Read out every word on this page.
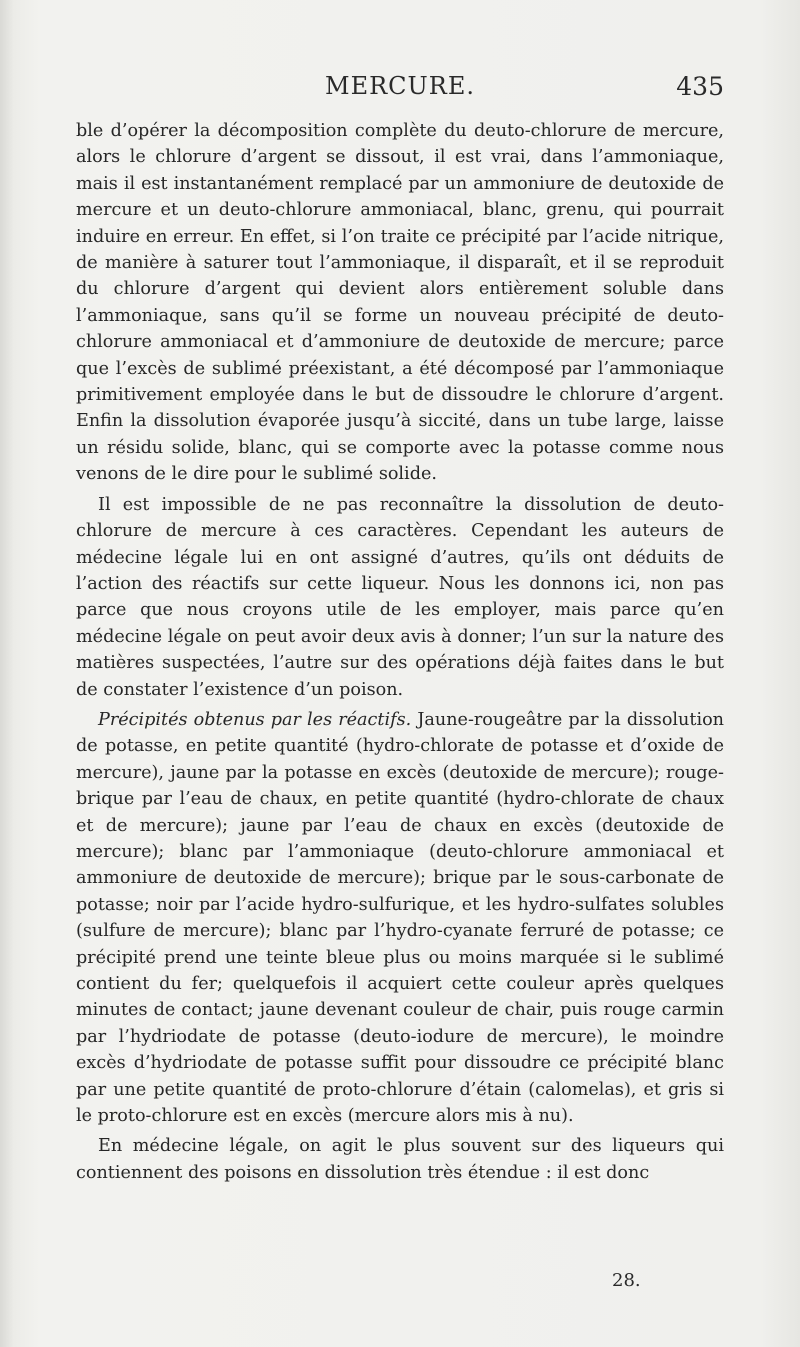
MERCURE.	435

ble d’opérer la décomposition complète du deuto-chlorure de mercure, alors le chlorure d’argent se dissout, il est vrai, dans l’ammoniaque, mais il est instantanément remplacé par un ammoniure de deutoxide de mercure et un deuto-chlorure ammoniacal, blanc, grenu, qui pourrait induire en erreur. En effet, si l’on traite ce précipité par l’acide nitrique, de manière à saturer tout l’ammoniaque, il disparaît, et il se reproduit du chlorure d’argent qui devient alors entièrement soluble dans l’ammoniaque, sans qu’il se forme un nouveau précipité de deuto-chlorure ammoniacal et d’ammoniure de deutoxide de mercure; parce que l’excès de sublimé préexistant, a été décomposé par l’ammoniaque primitivement employée dans le but de dissoudre le chlorure d’argent. Enfin la dissolution évaporée jusqu’à siccité, dans un tube large, laisse un résidu solide, blanc, qui se comporte avec la potasse comme nous venons de le dire pour le sublimé solide.

Il est impossible de ne pas reconnaître la dissolution de deuto-chlorure de mercure à ces caractères. Cependant les auteurs de médecine légale lui en ont assigné d’autres, qu’ils ont déduits de l’action des réactifs sur cette liqueur. Nous les donnons ici, non pas parce que nous croyons utile de les employer, mais parce qu’en médecine légale on peut avoir deux avis à donner; l’un sur la nature des matières suspectées, l’autre sur des opérations déjà faites dans le but de constater l’existence d’un poison.

Précipités obtenus par les réactifs. Jaune-rougeâtre par la dissolution de potasse, en petite quantité (hydro-chlorate de potasse et d’oxide de mercure), jaune par la potasse en excès (deutoxide de mercure); rouge-brique par l’eau de chaux, en petite quantité (hydro-chlorate de chaux et de mercure); jaune par l’eau de chaux en excès (deutoxide de mercure); blanc par l’ammoniaque (deuto-chlorure ammoniacal et ammoniure de deutoxide de mercure); brique par le sous-carbonate de potasse; noir par l’acide hydro-sulfurique, et les hydro-sulfates solubles (sulfure de mercure); blanc par l’hydro-cyanate ferruré de potasse; ce précipité prend une teinte bleue plus ou moins marquée si le sublimé contient du fer; quelquefois il acquiert cette couleur après quelques minutes de contact; jaune devenant couleur de chair, puis rouge carmin par l’hydriodate de potasse (deuto-iodure de mercure), le moindre excès d’hydriodate de potasse suffit pour dissoudre ce précipité blanc par une petite quantité de proto-chlorure d’étain (calomelas), et gris si le proto-chlorure est en excès (mercure alors mis à nu).

En médecine légale, on agit le plus souvent sur des liqueurs qui contiennent des poisons en dissolution très étendue : il est donc

28.
